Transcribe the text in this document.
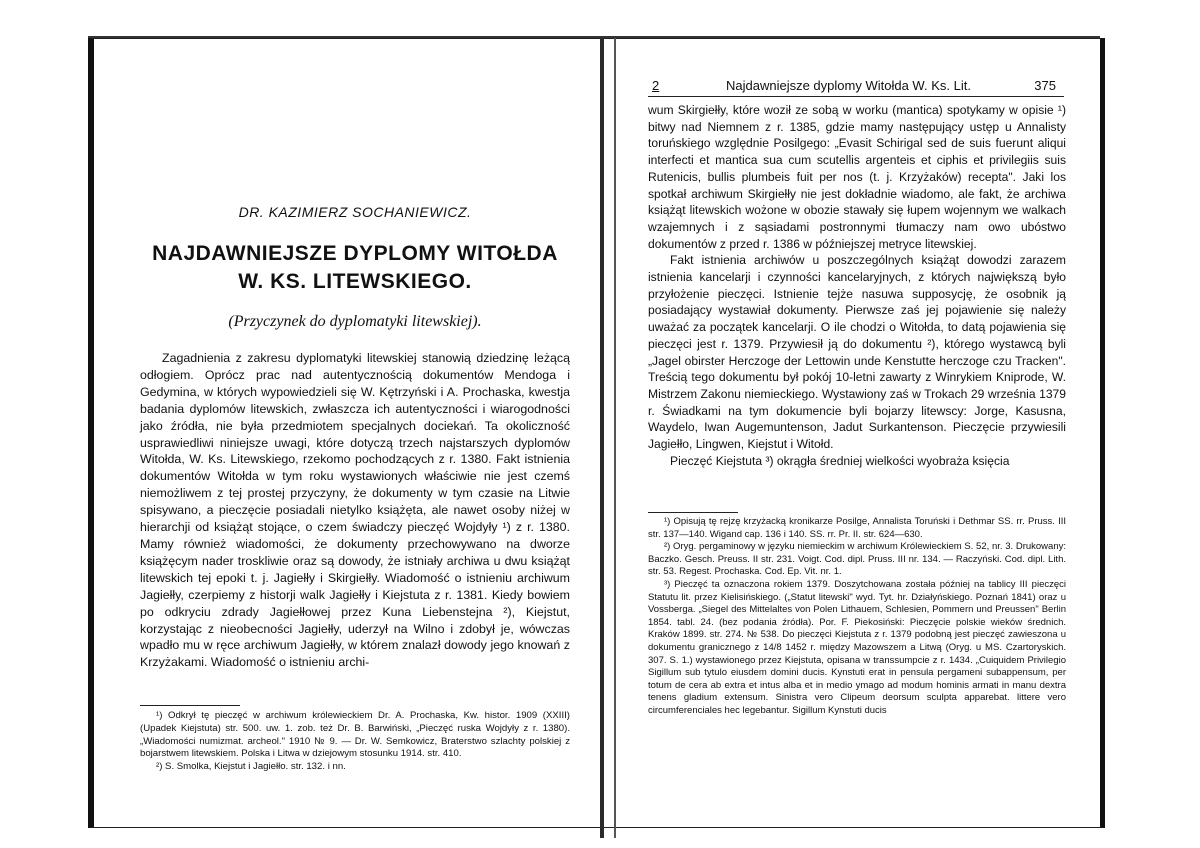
DR. KAZIMIERZ SOCHANIEWICZ.
NAJDAWNIEJSZE DYPLOMY WITOŁDA
W. KS. LITEWSKIEGO.
(Przyczynek do dyplomatyki litewskiej).

Zagadnienia z zakresu dyplomatyki litewskiej stanowią dziedzinę leżącą odłogiem. Oprócz prac nad autentycznością dokumentów Mendoga i Gedymina, w których wypowiedzieli się W. Kętrzyński i A. Prochaska, kwestja badania dyplomów litewskich, zwłaszcza ich autentyczności i wiarogodności jako źródła, nie była przedmiotem specjalnych dociekań. Ta okoliczność usprawiedliwi niniejsze uwagi, które dotyczą trzech najstarszych dyplomów Witołda, W. Ks. Litewskiego, rzekomo pochodzących z r. 1380. Fakt istnienia dokumentów Witołda w tym roku wystawionych właściwie nie jest czemś niemożliwem z tej prostej przyczyny, że dokumenty w tym czasie na Litwie spisywano, a pieczęcie posiadali nietylko książęta, ale nawet osoby niżej w hierarchji od książąt stojące, o czem świadczy pieczęć Wojdyły ¹) z r. 1380. Mamy również wiadomości, że dokumenty przechowywano na dworze książęcym nader troskliwie oraz są dowody, że istniały archiwa u dwu książąt litewskich tej epoki t. j. Jagiełły i Skirgiełły. Wiadomość o istnieniu archiwum Jagiełły, czerpiemy z historji walk Jagiełły i Kiejstuta z r. 1381. Kiedy bowiem po odkryciu zdrady Jagiełłowej przez Kuna Liebenstejna ²), Kiejstut, korzystając z nieobecności Jagiełły, uderzył na Wilno i zdobył je, wówczas wpadło mu w ręce archiwum Jagiełły, w którem znalazł dowody jego knowań z Krzyżakami. Wiadomość o istnieniu archi-

¹) Odkrył tę pieczęć w archiwum królewieckiem Dr. A. Prochaska, Kw. histor. 1909 (XXIII) (Upadek Kiejstuta) str. 500. uw. 1. zob. też Dr. B. Barwiński, „Pieczęć ruska Wojdyły z r. 1380). „Wiadomości numizmat. archeol." 1910 № 9. — Dr. W. Semkowicz, Braterstwo szlachty polskiej z bojarstwem litewskiem. Polska i Litwa w dziejowym stosunku 1914. str. 410.

²) S. Smolka, Kiejstut i Jagiełło. str. 132. i nn.

2	Najdawniejsze dyplomy Witołda W. Ks. Lit.	375

wum Skirgiełły, które woził ze sobą w worku (mantica) spotykamy w opisie ¹) bitwy nad Niemnem z r. 1385, gdzie mamy następujący ustęp u Annalisty toruńskiego względnie Posilgego: „Evasit Schirigal sed de suis fuerunt aliqui interfecti et mantica sua cum scutellis argenteis et ciphis et privilegiis suis Rutenicis, bullis plumbeis fuit per nos (t. j. Krzyżaków) recepta". Jaki los spotkał archiwum Skirgiełły nie jest dokładnie wiadomo, ale fakt, że archiwa książąt litewskich wożone w obozie stawały się łupem wojennym we walkach wzajemnych i z sąsiadami postronnymi tłumaczy nam owo ubóstwo dokumentów z przed r. 1386 w późniejszej metryce litewskiej.

Fakt istnienia archiwów u poszczególnych książąt dowodzi zarazem istnienia kancelarji i czynności kancelaryjnych, z których największą było przyłożenie pieczęci. Istnienie tejże nasuwa supposycję, że osobnik ją posiadający wystawiał dokumenty. Pierwsze zaś jej pojawienie się należy uważać za początek kancelarji. O ile chodzi o Witołda, to datą pojawienia się pieczęci jest r. 1379. Przywiesił ją do dokumentu ²), którego wystawcą byli „Jagel obirster Herczoge der Lettowin unde Kenstutte herczoge czu Tracken". Treścią tego dokumentu był pokój 10-letni zawarty z Winrykiem Kniprode, W. Mistrzem Zakonu niemieckiego. Wystawiony zaś w Trokach 29 września 1379 r. Świadkami na tym dokumencie byli bojarzy litewscy: Jorge, Kasusna, Waydelo, Iwan Augemuntenson, Jadut Surkantenson. Pieczęcie przywiesili Jagiełło, Lingwen, Kiejstut i Witołd.

Pieczęć Kiejstuta ³) okrągła średniej wielkości wyobraża księcia

¹) Opisują tę rejzę krzyżacką kronikarze Posilge, Annalista Toruński i Dethmar SS. rr. Pruss. III str. 137—140. Wigand cap. 136 i 140. SS. rr. Pr. II. str. 624—630.

²) Oryg. pergaminowy w języku niemieckim w archiwum Królewieckiem S. 52, nr. 3. Drukowany: Baczko. Gesch. Preuss. II str. 231. Voigt. Cod. dipl. Pruss. III nr. 134. — Raczyński. Cod. dipl. Lith. str. 53. Regest. Prochaska. Cod. Ep. Vit. nr. 1.

³) Pieczęć ta oznaczona rokiem 1379. Doszytchowana została później na tablicy III pieczęci Statutu lit. przez Kielisińskiego. („Statut litewski" wyd. Tyt. hr. Działyńskiego. Poznań 1841) oraz u Vossberga. „Siegel des Mittelaltes von Polen Lithauem, Schlesien, Pommern und Preussen" Berlin 1854. tabl. 24. (bez podania źródła). Por. F. Piekosiński: Pieczęcie polskie wieków średnich. Kraków 1899. str. 274. № 538. Do pieczęci Kiejstuta z r. 1379 podobną jest pieczęć zawieszona u dokumentu granicznego z 14/8 1452 r. między Mazowszem a Litwą (Oryg. u MS. Czartoryskich. 307. S. 1.) wystawionego przez Kiejstuta, opisana w transsumpcie z r. 1434. „Cuiquidem Privilegio Sigillum sub tytulo eiusdem domini ducis. Kynstuti erat in pensula pergameni subappensum, per totum de cera ab extra et intus alba et in medio ymago ad modum hominis armati in manu dextra tenens gladium extensum. Sinistra vero Clipeum deorsum sculpta apparebat. littere vero circumferenciales hec legebantur. Sigillum Kynstuti ducis
